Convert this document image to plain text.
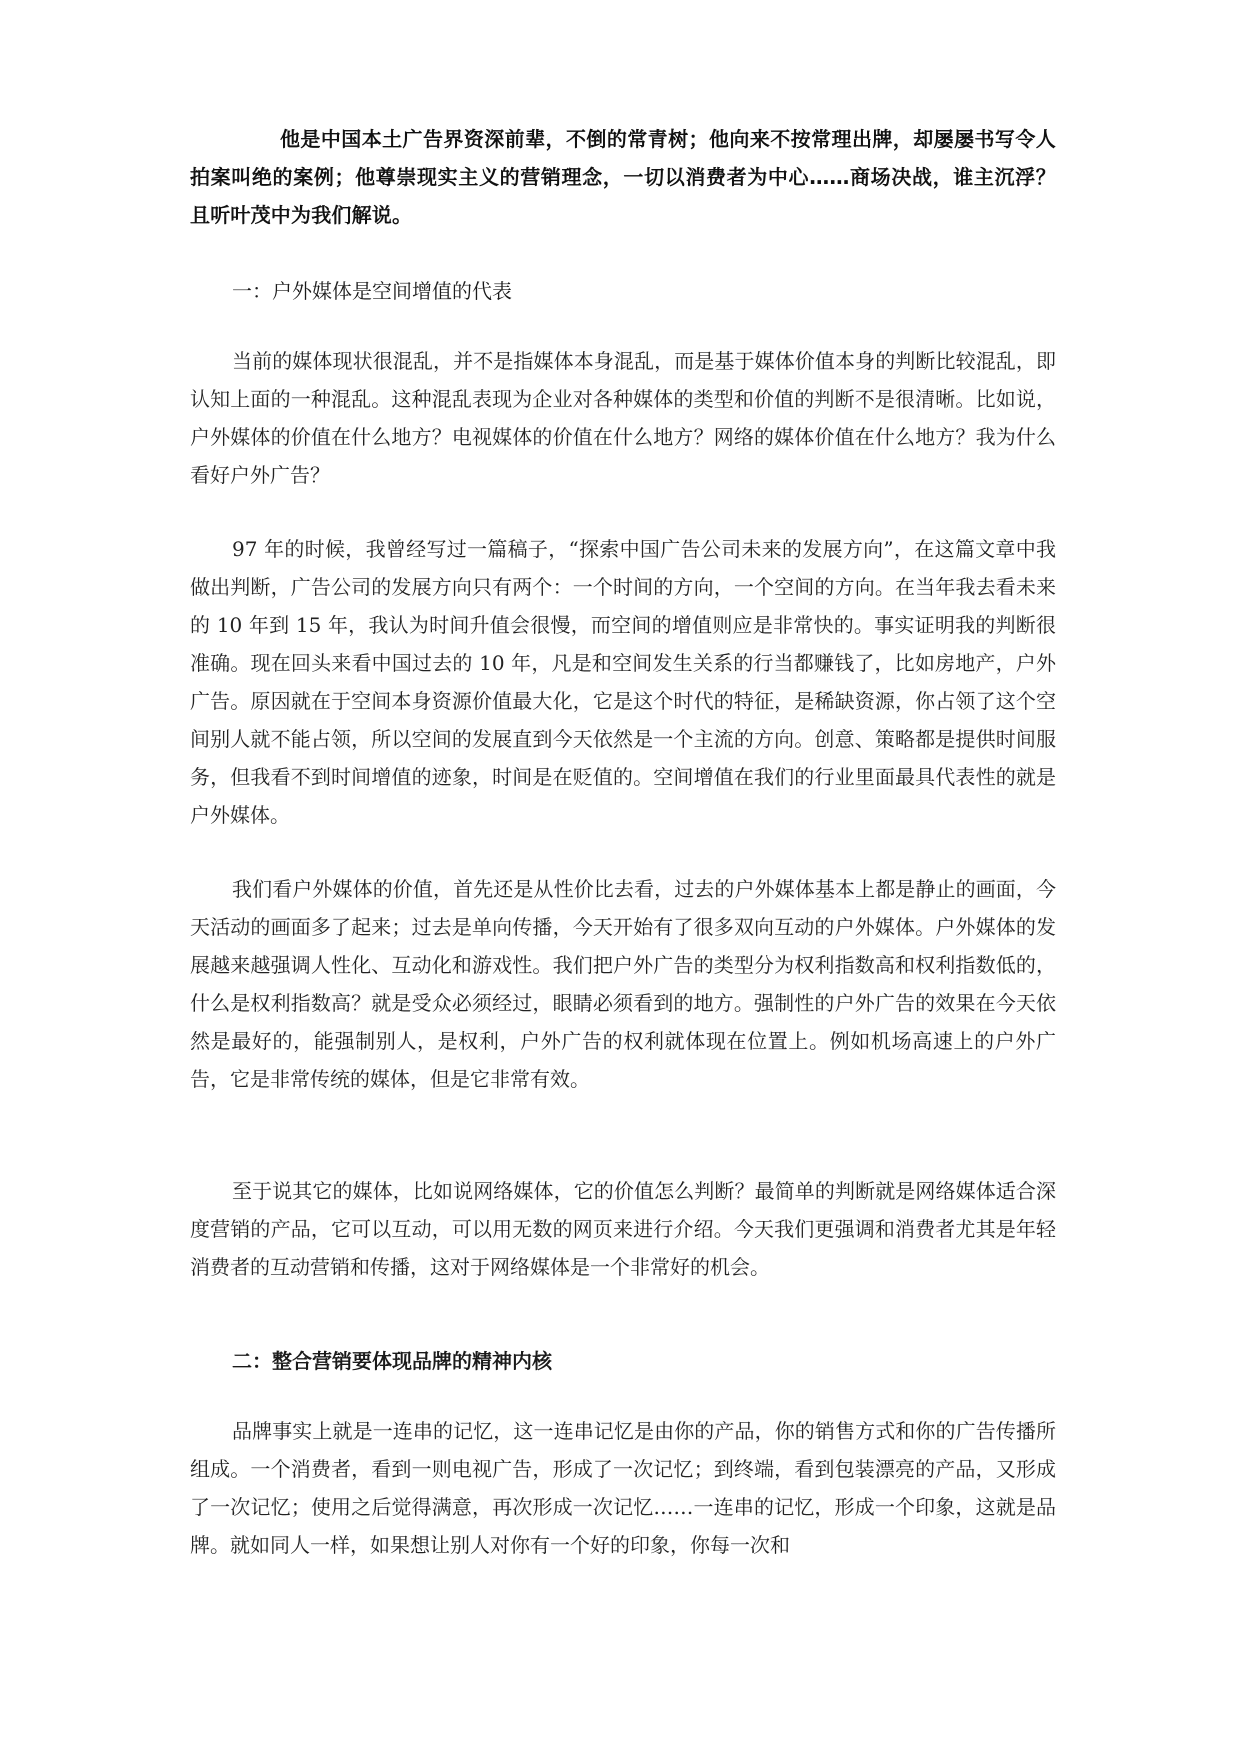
他是中国本土广告界资深前辈，不倒的常青树；他向来不按常理出牌，却屡屡书写令人拍案叫绝的案例；他尊崇现实主义的营销理念，一切以消费者为中心……商场决战，谁主沉浮？且听叶茂中为我们解说。

一：户外媒体是空间增值的代表

当前的媒体现状很混乱，并不是指媒体本身混乱，而是基于媒体价值本身的判断比较混乱，即认知上面的一种混乱。这种混乱表现为企业对各种媒体的类型和价值的判断不是很清晰。比如说，户外媒体的价值在什么地方？电视媒体的价值在什么地方？网络的媒体价值在什么地方？我为什么看好户外广告？

97 年的时候，我曾经写过一篇稿子，“探索中国广告公司未来的发展方向”，在这篇文章中我做出判断，广告公司的发展方向只有两个：一个时间的方向，一个空间的方向。在当年我去看未来的 10 年到 15 年，我认为时间升值会很慢，而空间的增值则应是非常快的。事实证明我的判断很准确。现在回头来看中国过去的 10 年，凡是和空间发生关系的行当都赚钱了，比如房地产，户外广告。原因就在于空间本身资源价值最大化，它是这个时代的特征，是稀缺资源，你占领了这个空间别人就不能占领，所以空间的发展直到今天依然是一个主流的方向。创意、策略都是提供时间服务，但我看不到时间增值的迹象，时间是在贬值的。空间增值在我们的行业里面最具代表性的就是户外媒体。

我们看户外媒体的价值，首先还是从性价比去看，过去的户外媒体基本上都是静止的画面，今天活动的画面多了起来；过去是单向传播，今天开始有了很多双向互动的户外媒体。户外媒体的发展越来越强调人性化、互动化和游戏性。我们把户外广告的类型分为权利指数高和权利指数低的，什么是权利指数高？就是受众必须经过，眼睛必须看到的地方。强制性的户外广告的效果在今天依然是最好的，能强制别人，是权利，户外广告的权利就体现在位置上。例如机场高速上的户外广告，它是非常传统的媒体，但是它非常有效。

至于说其它的媒体，比如说网络媒体，它的价值怎么判断？最简单的判断就是网络媒体适合深度营销的产品，它可以互动，可以用无数的网页来进行介绍。今天我们更强调和消费者尤其是年轻消费者的互动营销和传播，这对于网络媒体是一个非常好的机会。

二：整合营销要体现品牌的精神内核

品牌事实上就是一连串的记忆，这一连串记忆是由你的产品，你的销售方式和你的广告传播所组成。一个消费者，看到一则电视广告，形成了一次记忆；到终端，看到包装漂亮的产品，又形成了一次记忆；使用之后觉得满意，再次形成一次记忆……一连串的记忆，形成一个印象，这就是品牌。就如同人一样，如果想让别人对你有一个好的印象，你每一次和
